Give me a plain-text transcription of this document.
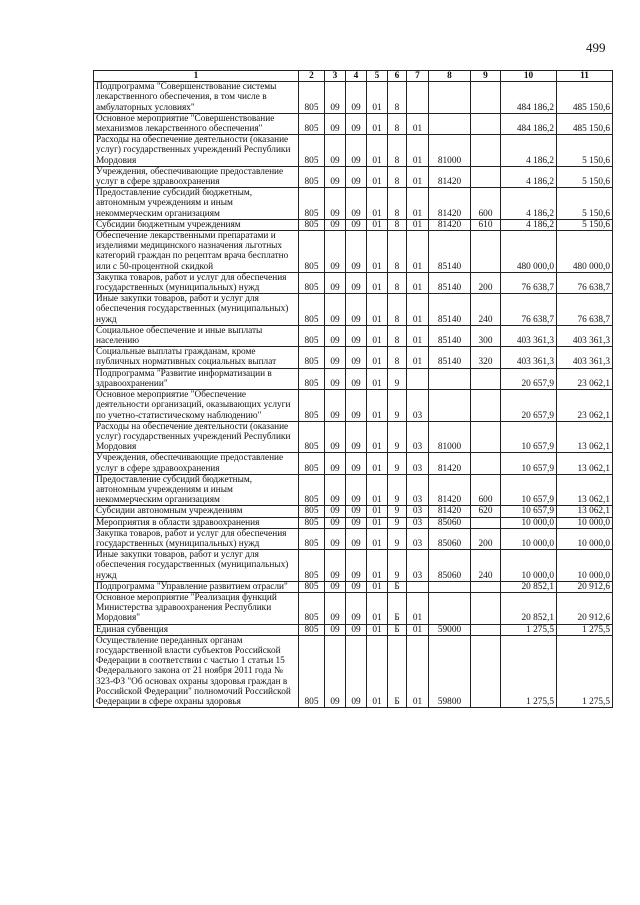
499
1	2	3	4	5	6	7	8	9	10	11
Подпрограмма "Совершенствование системы лекарственного обеспечения, в том числе в амбулаторных условиях"	805	09	09	01	8				484 186,2	485 150,6
Основное мероприятие "Совершенствование механизмов лекарственного обеспечения"	805	09	09	01	8	01			484 186,2	485 150,6
Расходы на обеспечение деятельности (оказание услуг) государственных учреждений Республики Мордовия	805	09	09	01	8	01	81000		4 186,2	5 150,6
Учреждения, обеспечивающие предоставление услуг в сфере здравоохранения	805	09	09	01	8	01	81420		4 186,2	5 150,6
Предоставление субсидий бюджетным, автономным учреждениям и иным некоммерческим организациям	805	09	09	01	8	01	81420	600	4 186,2	5 150,6
Субсидии бюджетным учреждениям	805	09	09	01	8	01	81420	610	4 186,2	5 150,6
Обеспечение лекарственными препаратами и изделиями медицинского назначения льготных категорий граждан по рецептам врача бесплатно или с 50-процентной скидкой	805	09	09	01	8	01	85140		480 000,0	480 000,0
Закупка товаров, работ и услуг для обеспечения государственных (муниципальных) нужд	805	09	09	01	8	01	85140	200	76 638,7	76 638,7
Иные закупки товаров, работ и услуг для обеспечения государственных (муниципальных) нужд	805	09	09	01	8	01	85140	240	76 638,7	76 638,7
Социальное обеспечение и иные выплаты населению	805	09	09	01	8	01	85140	300	403 361,3	403 361,3
Социальные выплаты гражданам, кроме публичных нормативных социальных выплат	805	09	09	01	8	01	85140	320	403 361,3	403 361,3
Подпрограмма "Развитие информатизации в здравоохранении"	805	09	09	01	9				20 657,9	23 062,1
Основное мероприятие "Обеспечение деятельности организаций, оказывающих услуги по учетно-статистическому наблюдению"	805	09	09	01	9	03			20 657,9	23 062,1
Расходы на обеспечение деятельности (оказание услуг) государственных учреждений Республики Мордовия	805	09	09	01	9	03	81000		10 657,9	13 062,1
Учреждения, обеспечивающие предоставление услуг в сфере здравоохранения	805	09	09	01	9	03	81420		10 657,9	13 062,1
Предоставление субсидий бюджетным, автономным учреждениям и иным некоммерческим организациям	805	09	09	01	9	03	81420	600	10 657,9	13 062,1
Субсидии автономным учреждениям	805	09	09	01	9	03	81420	620	10 657,9	13 062,1
Мероприятия в области здравоохранения	805	09	09	01	9	03	85060		10 000,0	10 000,0
Закупка товаров, работ и услуг для обеспечения государственных (муниципальных) нужд	805	09	09	01	9	03	85060	200	10 000,0	10 000,0
Иные закупки товаров, работ и услуг для обеспечения государственных (муниципальных) нужд	805	09	09	01	9	03	85060	240	10 000,0	10 000,0
Подпрограмма "Управление развитием отрасли"	805	09	09	01	Б				20 852,1	20 912,6
Основное мероприятие "Реализация функций Министерства здравоохранения Республики Мордовия"	805	09	09	01	Б	01			20 852,1	20 912,6
Единая субвенция	805	09	09	01	Б	01	59000		1 275,5	1 275,5
Осуществление переданных органам государственной власти субъектов Российской Федерации в соответствии с частью 1 статьи 15 Федерального закона от 21 ноября 2011 года № 323-ФЗ "Об основах охраны здоровья граждан в Российской Федерации" полномочий Российской Федерации в сфере охраны здоровья	805	09	09	01	Б	01	59800		1 275,5	1 275,5
